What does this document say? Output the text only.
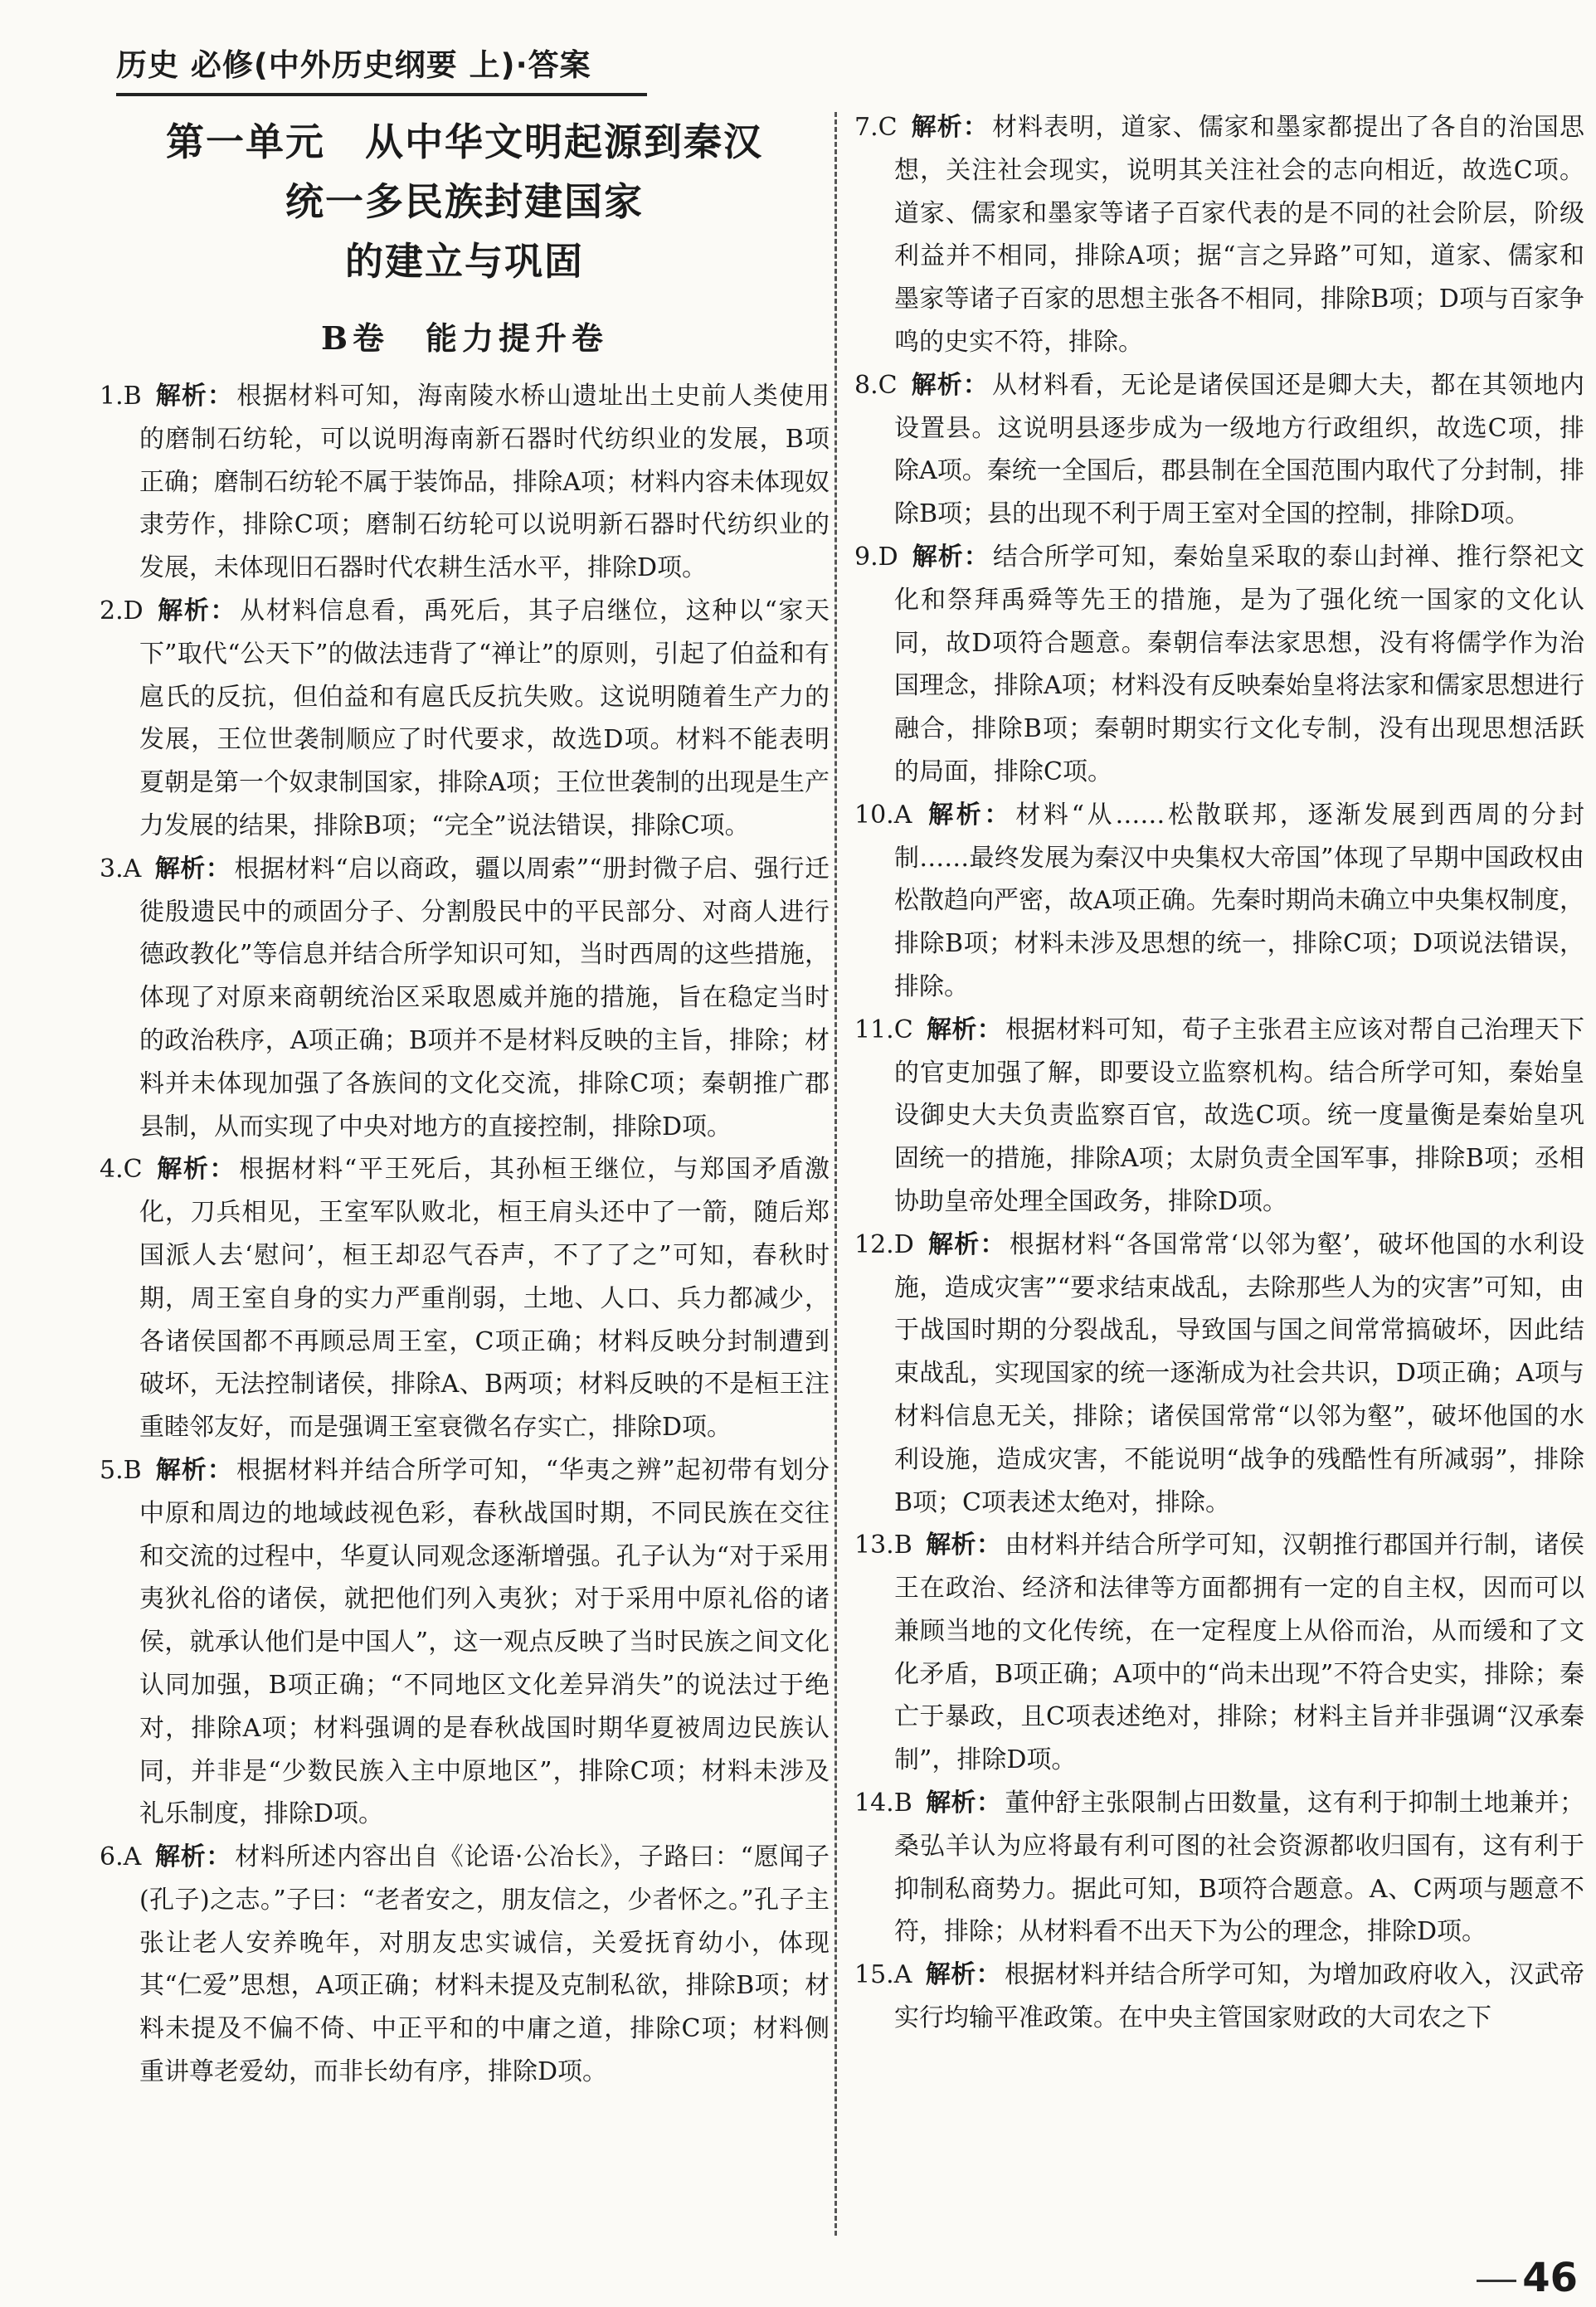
历史 必修(中外历史纲要 上)·答案
第一单元　从中华文明起源到秦汉
统一多民族封建国家
的建立与巩固
B卷　能力提升卷
1.B 解析： 根据材料可知，海南陵水桥山遗址出土史前人类使用的磨制石纺轮，可以说明海南新石器时代纺织业的发展，B项正确；磨制石纺轮不属于装饰品，排除A项；材料内容未体现奴隶劳作，排除C项；磨制石纺轮可以说明新石器时代纺织业的发展，未体现旧石器时代农耕生活水平，排除D项。
2.D 解析： 从材料信息看，禹死后，其子启继位，这种以“家天下”取代“公天下”的做法违背了“禅让”的原则，引起了伯益和有扈氏的反抗，但伯益和有扈氏反抗失败。这说明随着生产力的发展，王位世袭制顺应了时代要求，故选D项。材料不能表明夏朝是第一个奴隶制国家，排除A项；王位世袭制的出现是生产力发展的结果，排除B项；“完全”说法错误，排除C项。
3.A 解析： 根据材料“启以商政，疆以周索”“册封微子启、强行迁徙殷遗民中的顽固分子、分割殷民中的平民部分、对商人进行德政教化”等信息并结合所学知识可知，当时西周的这些措施，体现了对原来商朝统治区采取恩威并施的措施，旨在稳定当时的政治秩序，A项正确；B项并不是材料反映的主旨，排除；材料并未体现加强了各族间的文化交流，排除C项；秦朝推广郡县制，从而实现了中央对地方的直接控制，排除D项。
4.C 解析： 根据材料“平王死后，其孙桓王继位，与郑国矛盾激化，刀兵相见，王室军队败北，桓王肩头还中了一箭，随后郑国派人去‘慰问’，桓王却忍气吞声，不了了之”可知，春秋时期，周王室自身的实力严重削弱，土地、人口、兵力都减少，各诸侯国都不再顾忌周王室，C项正确；材料反映分封制遭到破坏，无法控制诸侯，排除A、B两项；材料反映的不是桓王注重睦邻友好，而是强调王室衰微名存实亡，排除D项。
5.B 解析： 根据材料并结合所学可知，“华夷之辨”起初带有划分中原和周边的地域歧视色彩，春秋战国时期，不同民族在交往和交流的过程中，华夏认同观念逐渐增强。孔子认为“对于采用夷狄礼俗的诸侯，就把他们列入夷狄；对于采用中原礼俗的诸侯，就承认他们是中国人”，这一观点反映了当时民族之间文化认同加强，B项正确；“不同地区文化差异消失”的说法过于绝对，排除A项；材料强调的是春秋战国时期华夏被周边民族认同，并非是“少数民族入主中原地区”，排除C项；材料未涉及礼乐制度，排除D项。
6.A 解析： 材料所述内容出自《论语·公冶长》，子路曰：“愿闻子(孔子)之志。”子曰：“老者安之，朋友信之，少者怀之。”孔子主张让老人安养晚年，对朋友忠实诚信，关爱抚育幼小，体现其“仁爱”思想，A项正确；材料未提及克制私欲，排除B项；材料未提及不偏不倚、中正平和的中庸之道，排除C项；材料侧重讲尊老爱幼，而非长幼有序，排除D项。
7.C 解析： 材料表明，道家、儒家和墨家都提出了各自的治国思想，关注社会现实，说明其关注社会的志向相近，故选C项。道家、儒家和墨家等诸子百家代表的是不同的社会阶层，阶级利益并不相同，排除A项；据“言之异路”可知，道家、儒家和墨家等诸子百家的思想主张各不相同，排除B项；D项与百家争鸣的史实不符，排除。
8.C 解析： 从材料看，无论是诸侯国还是卿大夫，都在其领地内设置县。这说明县逐步成为一级地方行政组织，故选C项，排除A项。秦统一全国后，郡县制在全国范围内取代了分封制，排除B项；县的出现不利于周王室对全国的控制，排除D项。
9.D 解析： 结合所学可知，秦始皇采取的泰山封禅、推行祭祀文化和祭拜禹舜等先王的措施，是为了强化统一国家的文化认同，故D项符合题意。秦朝信奉法家思想，没有将儒学作为治国理念，排除A项；材料没有反映秦始皇将法家和儒家思想进行融合，排除B项；秦朝时期实行文化专制，没有出现思想活跃的局面，排除C项。
10.A 解析： 材料“从……松散联邦，逐渐发展到西周的分封制……最终发展为秦汉中央集权大帝国”体现了早期中国政权由松散趋向严密，故A项正确。先秦时期尚未确立中央集权制度，排除B项；材料未涉及思想的统一，排除C项；D项说法错误，排除。
11.C 解析： 根据材料可知，荀子主张君主应该对帮自己治理天下的官吏加强了解，即要设立监察机构。结合所学可知，秦始皇设御史大夫负责监察百官，故选C项。统一度量衡是秦始皇巩固统一的措施，排除A项；太尉负责全国军事，排除B项；丞相协助皇帝处理全国政务，排除D项。
12.D 解析： 根据材料“各国常常‘以邻为壑’，破坏他国的水利设施，造成灾害”“要求结束战乱，去除那些人为的灾害”可知，由于战国时期的分裂战乱，导致国与国之间常常搞破坏，因此结束战乱，实现国家的统一逐渐成为社会共识，D项正确；A项与材料信息无关，排除；诸侯国常常“以邻为壑”，破坏他国的水利设施，造成灾害，不能说明“战争的残酷性有所减弱”，排除B项；C项表述太绝对，排除。
13.B 解析： 由材料并结合所学可知，汉朝推行郡国并行制，诸侯王在政治、经济和法律等方面都拥有一定的自主权，因而可以兼顾当地的文化传统，在一定程度上从俗而治，从而缓和了文化矛盾，B项正确；A项中的“尚未出现”不符合史实，排除；秦亡于暴政，且C项表述绝对，排除；材料主旨并非强调“汉承秦制”，排除D项。
14.B 解析： 董仲舒主张限制占田数量，这有利于抑制土地兼并；桑弘羊认为应将最有利可图的社会资源都收归国有，这有利于抑制私商势力。据此可知，B项符合题意。A、C两项与题意不符，排除；从材料看不出天下为公的理念，排除D项。
15.A 解析： 根据材料并结合所学可知，为增加政府收入，汉武帝实行均输平准政策。在中央主管国家财政的大司农之下
46
